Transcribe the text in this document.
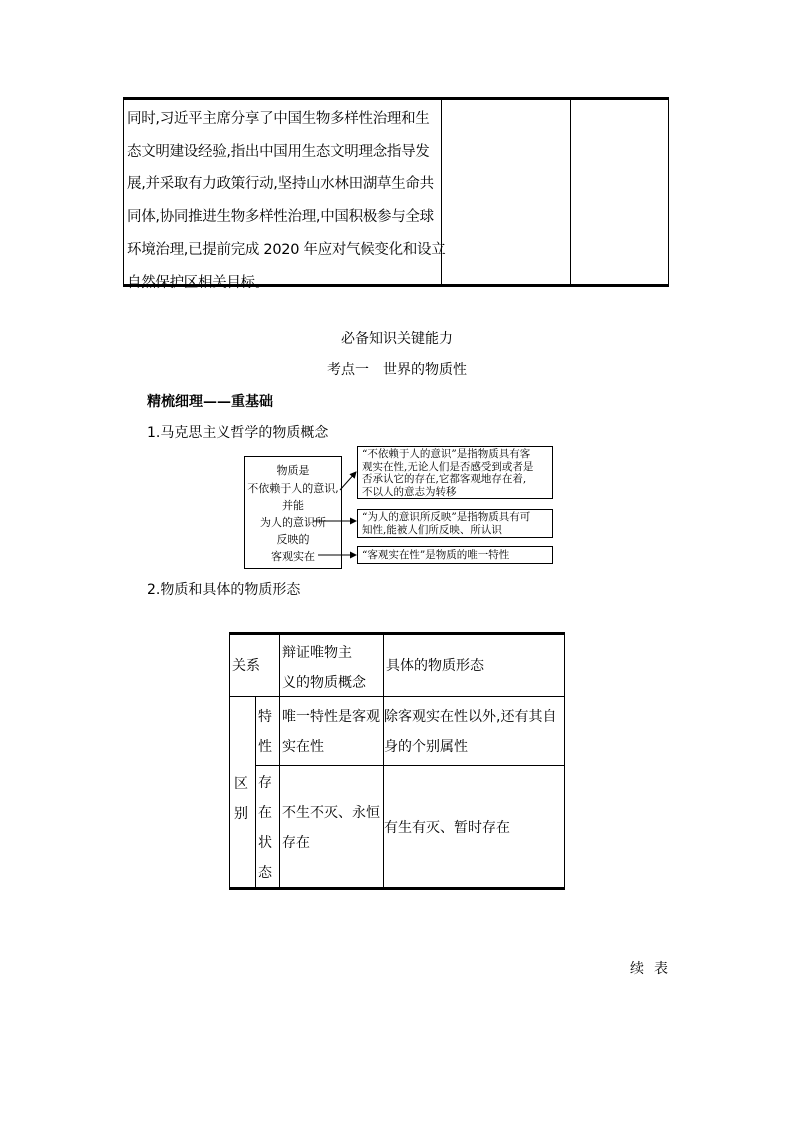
同时,习近平主席分享了中国生物多样性治理和生
态文明建设经验,指出中国用生态文明理念指导发
展,并采取有力政策行动,坚持山水林田湖草生命共
同体,协同推进生物多样性治理,中国积极参与全球
环境治理,已提前完成 2020 年应对气候变化和设立
自然保护区相关目标。
必备知识关键能力
考点一　世界的物质性
精梳细理——重基础
1.马克思主义哲学的物质概念
物质是
不依赖于人的意识,
并能
为人的意识所
反映的
客观实在
“不依赖于人的意识”是指物质具有客
观实在性,无论人们是否感受到或者是
否承认它的存在,它都客观地存在着,
不以人的意志为转移
“为人的意识所反映”是指物质具有可
知性,能被人们所反映、所认识
“客观实在性”是物质的唯一特性
2.物质和具体的物质形态
关系
辩证唯物主
义的物质概念
具体的物质形态
区
别
特
性
唯一特性是客观
实在性
除客观实在性以外,还有其自
身的个别属性
存
在
状
态
不生不灭、永恒
存在
有生有灭、暂时存在
续表
